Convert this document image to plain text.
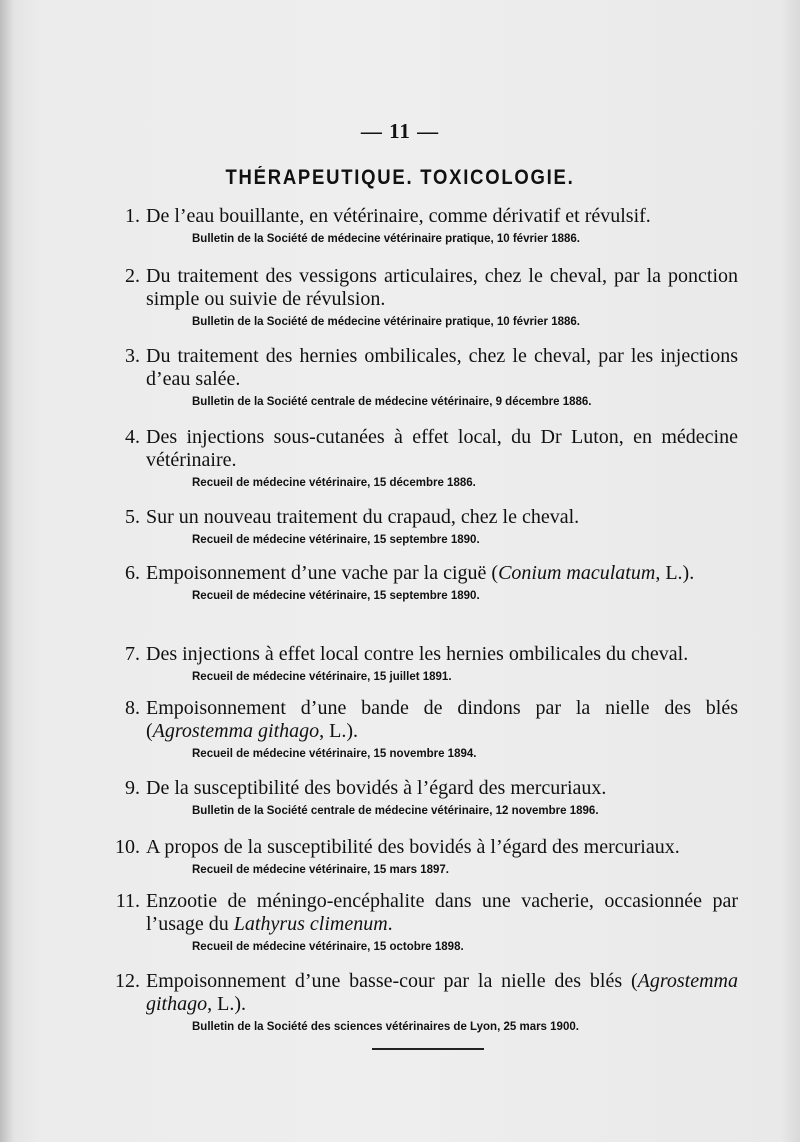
— 11 —
THÉRAPEUTIQUE. TOXICOLOGIE.
1. De l’eau bouillante, en vétérinaire, comme dérivatif et révulsif.
Bulletin de la Société de médecine vétérinaire pratique, 10 février 1886.
2. Du traitement des vessigons articulaires, chez le cheval, par la ponction simple ou suivie de révulsion.
Bulletin de la Société de médecine vétérinaire pratique, 10 février 1886.
3. Du traitement des hernies ombilicales, chez le cheval, par les injections d’eau salée.
Bulletin de la Société centrale de médecine vétérinaire, 9 décembre 1886.
4. Des injections sous-cutanées à effet local, du Dr Luton, en médecine vétérinaire.
Recueil de médecine vétérinaire, 15 décembre 1886.
5. Sur un nouveau traitement du crapaud, chez le cheval.
Recueil de médecine vétérinaire, 15 septembre 1890.
6. Empoisonnement d’une vache par la ciguë (Conium maculatum, L.).
Recueil de médecine vétérinaire, 15 septembre 1890.
7. Des injections à effet local contre les hernies ombilicales du cheval.
Recueil de médecine vétérinaire, 15 juillet 1891.
8. Empoisonnement d’une bande de dindons par la nielle des blés (Agrostemma githago, L.).
Recueil de médecine vétérinaire, 15 novembre 1894.
9. De la susceptibilité des bovidés à l’égard des mercuriaux.
Bulletin de la Société centrale de médecine vétérinaire, 12 novembre 1896.
10. A propos de la susceptibilité des bovidés à l’égard des mercuriaux.
Recueil de médecine vétérinaire, 15 mars 1897.
11. Enzootie de méningo-encéphalite dans une vacherie, occasionnée par l’usage du Lathyrus climenum.
Recueil de médecine vétérinaire, 15 octobre 1898.
12. Empoisonnement d’une basse-cour par la nielle des blés (Agrostemma githago, L.).
Bulletin de la Société des sciences vétérinaires de Lyon, 25 mars 1900.
